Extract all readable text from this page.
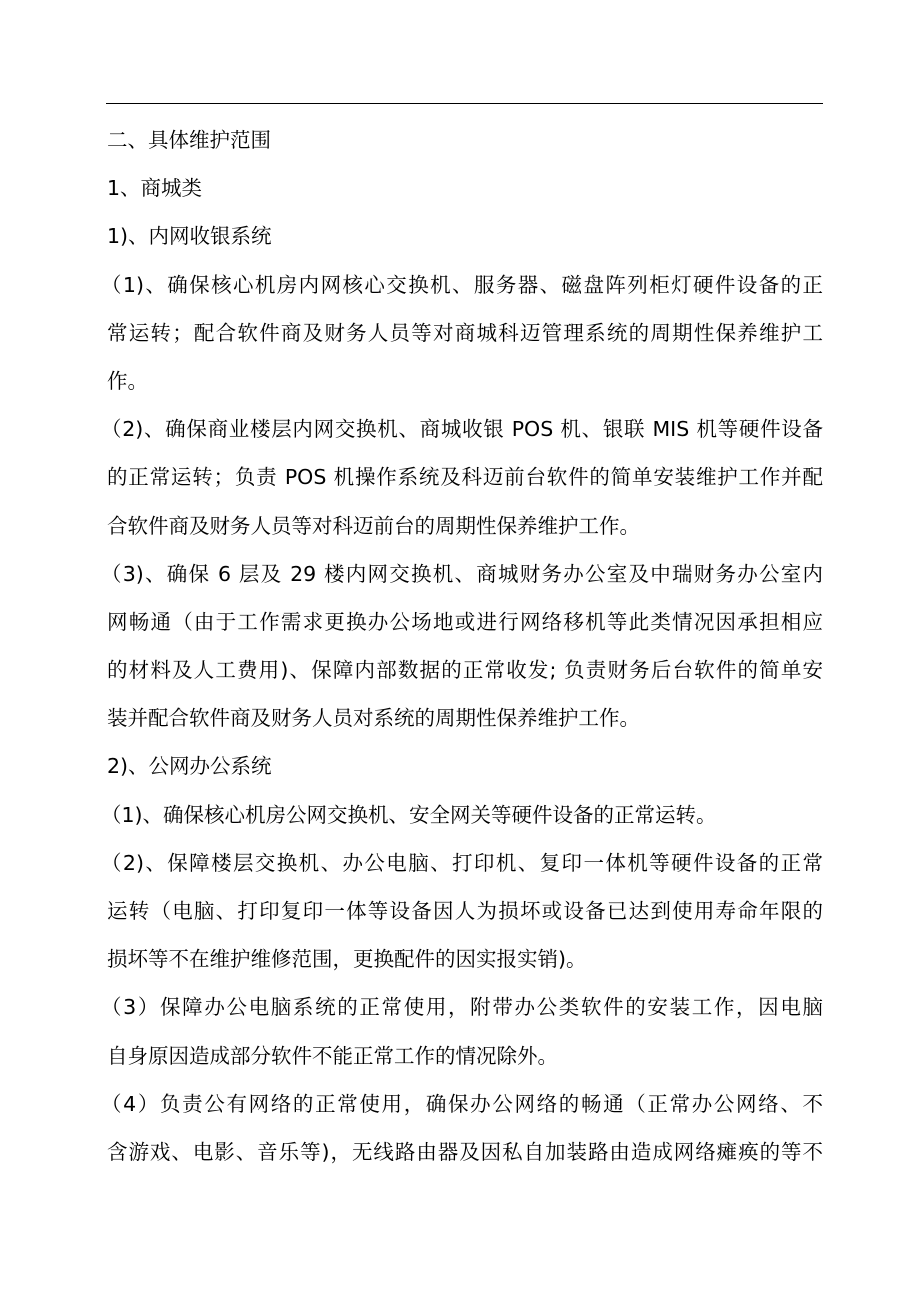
二、具体维护范围
1、商城类
1)、内网收银系统
（1)、确保核心机房内网核心交换机、服务器、磁盘阵列柜灯硬件设备的正
常运转；配合软件商及财务人员等对商城科迈管理系统的周期性保养维护工
作。
（2)、确保商业楼层内网交换机、商城收银 POS 机、银联 MIS 机等硬件设备
的正常运转；负责 POS 机操作系统及科迈前台软件的简单安装维护工作并配
合软件商及财务人员等对科迈前台的周期性保养维护工作。
（3)、确保 6 层及 29 楼内网交换机、商城财务办公室及中瑞财务办公室内
网畅通（由于工作需求更换办公场地或进行网络移机等此类情况因承担相应
的材料及人工费用)、保障内部数据的正常收发; 负责财务后台软件的简单安
装并配合软件商及财务人员对系统的周期性保养维护工作。
2)、公网办公系统
（1)、确保核心机房公网交换机、安全网关等硬件设备的正常运转。
（2)、保障楼层交换机、办公电脑、打印机、复印一体机等硬件设备的正常
运转（电脑、打印复印一体等设备因人为损坏或设备已达到使用寿命年限的
损坏等不在维护维修范围，更换配件的因实报实销)。
（3）保障办公电脑系统的正常使用，附带办公类软件的安装工作，因电脑
自身原因造成部分软件不能正常工作的情况除外。
（4）负责公有网络的正常使用，确保办公网络的畅通（正常办公网络、不
含游戏、电影、音乐等)，无线路由器及因私自加装路由造成网络瘫痪的等不
